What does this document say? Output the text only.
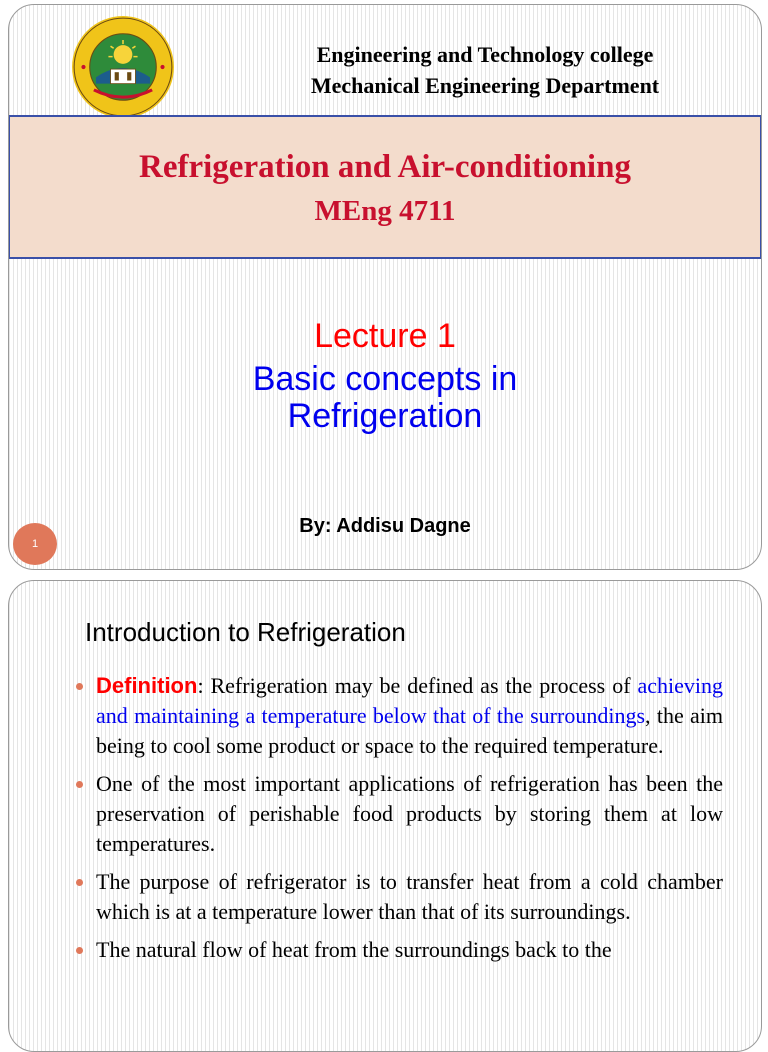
Engineering and Technology college
Mechanical Engineering Department
Refrigeration and Air-conditioning
MEng 4711
Lecture 1
Basic concepts in Refrigeration
By: Addisu Dagne
1
Introduction to Refrigeration
Definition: Refrigeration may be defined as the process of achieving and maintaining a temperature below that of the surroundings, the aim being to cool some product or space to the required temperature.
One of the most important applications of refrigeration has been the preservation of perishable food products by storing them at low temperatures.
The purpose of refrigerator is to transfer heat from a cold chamber which is at a temperature lower than that of its surroundings.
The natural flow of heat from the surroundings back to the
